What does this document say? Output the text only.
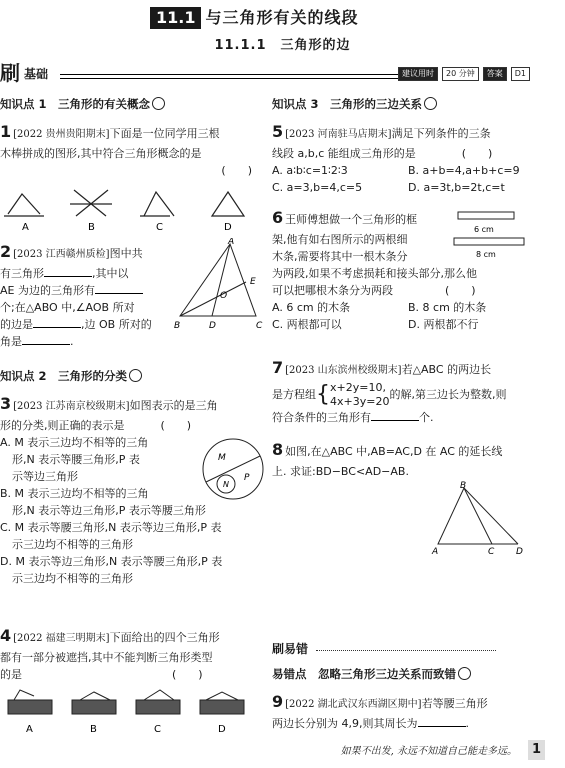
11.1 与三角形有关的线段
11.1.1　三角形的边
刷 基础	建议用时	20 分钟	答案	D1
知识点 1　三角形的有关概念
1 [2022 贵州贵阳期末]下面是一位同学用三根
木棒拼成的图形,其中符合三角形概念的是
(　　)
A	B	C	D
2 [2023 江西赣州质检]图中共
有三角形	,其中以
AE 为边的三角形有
个;在△ABO 中,∠AOB 所对
的边是	,边 OB 所对的
角是	.
A
B	C
D
E
O
知识点 2　三角形的分类
3 [2023 江苏南京校级期末]如图表示的是三角
形的分类,则正确的表示是	(　　)
A. M 表示三边均不相等的三角
形,N 表示等腰三角形,P 表
示等边三角形
B. M 表示三边均不相等的三角
形,N 表示等边三角形,P 表示等腰三角形
C. M 表示等腰三角形,N 表示等边三角形,P 表
示三边均不相等的三角形
D. M 表示等边三角形,N 表示等腰三角形,P 表
示三边均不相等的三角形
M
N
P
4 [2022 福建三明期末]下面给出的四个三角形
都有一部分被遮挡,其中不能判断三角形类型
的是	(　　)
A	B	C	D
知识点 3　三角形的三边关系
5 [2023 河南驻马店期末]满足下列条件的三条
线段 a,b,c 能组成三角形的是	(　　)
A. a∶b∶c=1∶2∶3	B. a+b=4,a+b+c=9
C. a=3,b=4,c=5	D. a=3t,b=2t,c=t
6 王师傅想做一个三角形的框
架,他有如右图所示的两根细
木条,需要将其中一根木条分
为两段,如果不考虑损耗和接头部分,那么他
可以把哪根木条分为两段	(　　)
A. 6 cm 的木条	B. 8 cm 的木条
C. 两根都可以	D. 两根都不行
6 cm
8 cm
7 [2023 山东滨州校级期末]若△ABC 的两边长
是方程组 { x+2y=10,
4x+3y=20
的解,第三边长为整数,则
符合条件的三角形有	个.
8 如图,在△ABC 中,AB=AC,D 在 AC 的延长线
上. 求证:BD−BC<AD−AB.
B
A	C D
刷易错
易错点　忽略三角形三边关系而致错
9 [2022 湖北武汉东西湖区期中]若等腰三角形
两边长分别为 4,9,则其周长为	.
如果不出发, 永远不知道自己能走多远。	1
